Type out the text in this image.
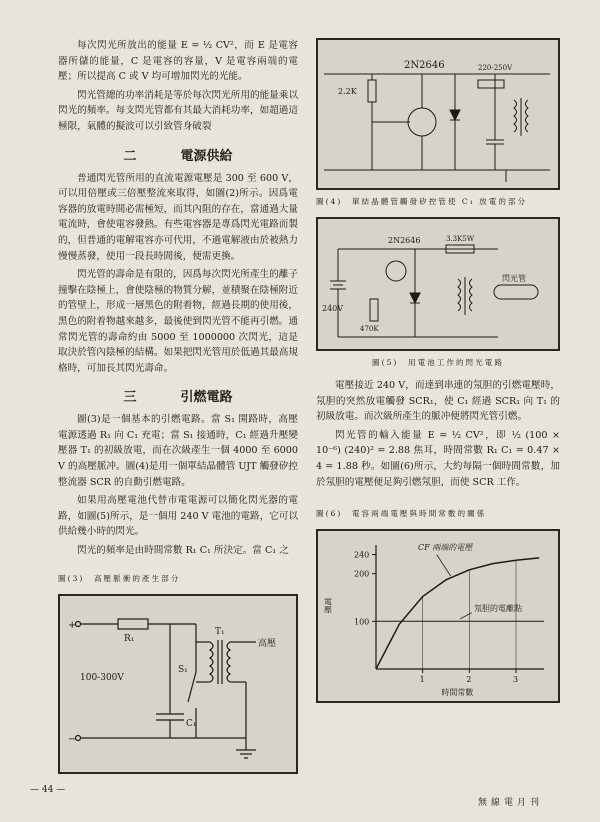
每次閃光所放出的能量 E = ½ CV²，而 E 是電容器所儲的能量，C 是電容的容量，V 是電容兩端的電壓；所以提高 C 或 V 均可增加閃光的光能。

閃光管總的功率消耗是等於每次閃光所用的能量乘以閃光的頻率。每支閃光管都有其最大消耗功率，如超過這極限，氣體的擬波可以引致管身破裂

二	電源供給

普通閃光管所用的直流電源電壓是 300 至 600 V，可以用倍壓或三倍壓整流來取得，如圖(2)所示。因爲電容器的放電時間必需極短，而其內阻的存在，當通過大量電流時，會使電容發熱。有些電容器是專爲閃光電路而製的，但普通的電解電容亦可代用，不過電解液由於被熱力慢慢蒸發，使用一段長時間後，便需更換。

閃光管的壽命是有限的，因爲每次閃光所產生的離子撞擊在陰極上，會使陰極的物質分解，並積聚在陰極附近的管壁上，形成一層黑色的附着物，經過長期的使用後，黑色的附着物越來越多，最後使到閃光管不能再引燃。通常閃光管的壽命約由 5000 至 1000000 次閃光，這是取決於管內陰極的結構。如果把閃光管用於低過其最高規格時，可加長其閃光壽命。

三	引燃電路

圖(3)是一個基本的引燃電路。當 S₁ 開路時，高壓電源透過 R₁ 向 C₁ 充電；當 S₁ 接通時，C₁ 經過升壓變壓器 T₁ 的初級放電，而在次級產生一個 4000 至 6000 V 的高壓脈冲。圖(4)是用一個單結晶體管 UJT 觸發矽控整流器 SCR 的自動引燃電路。

如果用高壓電池代替市電電源可以簡化閃光器的電路，如圖(5)所示，是一個用 240 V 電池的電路，它可以供給幾小時的閃光。

閃光的頻率是由時間常數 R₁ C₁ 所決定。當 C₁ 之

圖(3)　高壓脈衝的產生部分
+
−
R₁
T₁
S₁
C₁
高壓
100-300V
2N2646
2.2K
220-250V
圖(4)　單結晶體管觸發矽控管使 C₁ 放電的部分
2N2646
240V
3.3K5W
470K
閃光管
圖(5)　用電池工作的閃光電路

電壓接近 240 V，而達到串連的氖胆的引燃電壓時，氖胆的突然放電觸發 SCR₁，使 C₁ 經過 SCR₁ 向 T₁ 的初級放電。而次級所產生的脈冲便將閃光管引燃。

閃光管的輸入能量 E = ½ CV²，即 ½ (100 × 10⁻⁶) (240)² = 2.88 焦耳，時間常數 R₁ C₁ = 0.47 × 4 = 1.88 秒。如圖(6)所示，大約每隔一個時間常數，加於氖胆的電壓便足夠引燃氖胆，而使 SCR 工作。

圖(6)　電容兩端電壓與時間常數的關係
CF 兩端的電壓
氖胆的電離點
電壓
時間常數
100
200
240
1	2	3
— 44 —
無線電月刊
